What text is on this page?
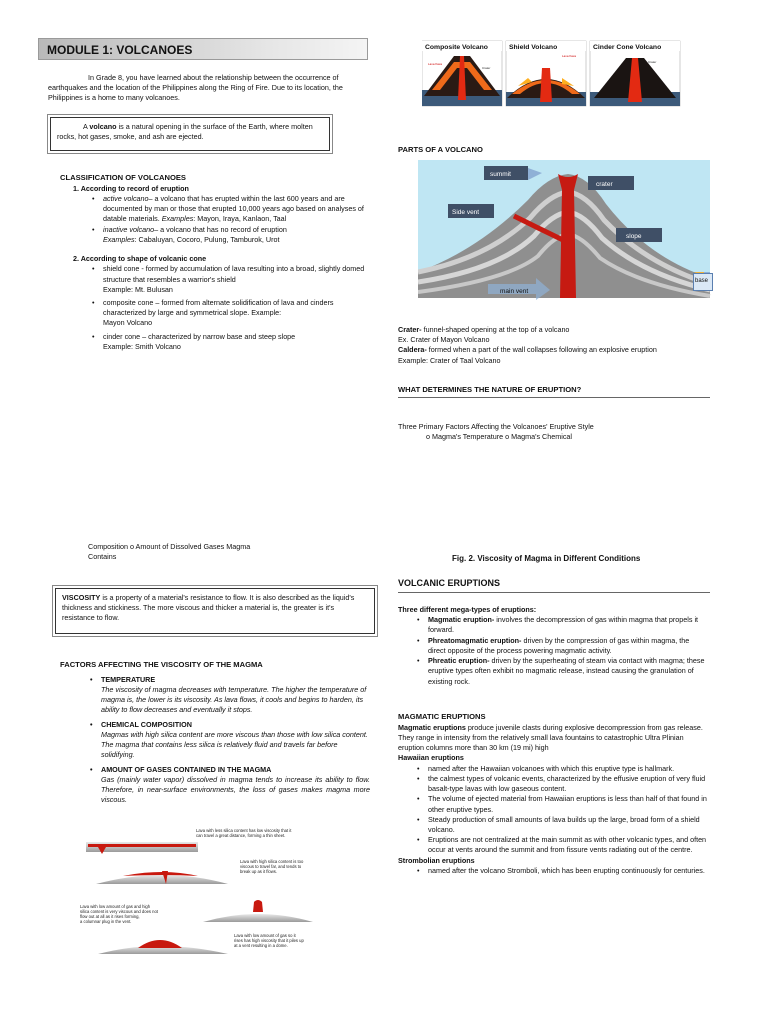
MODULE 1: VOLCANOES

In Grade 8, you have learned about the relationship between the occurrence of earthquakes and the location of the Philippines along the Ring of Fire. Due to its location, the Philippines is a home to many volcanoes.

A volcano is a natural opening in the surface of the Earth, where molten rocks, hot gases, smoke, and ash are ejected.
CLASSIFICATION OF VOLCANOES
1. According to record of eruption
• active volcano– a volcano that has erupted within the last 600 years and are documented by man or those that erupted 10,000 years ago based on analyses of datable materials. Examples: Mayon, Iraya, Kanlaon, Taal
• inactive volcano– a volcano that has no record of eruption
Examples: Cabaluyan, Cocoro, Pulung, Tamburok, Urot
2. According to shape of volcanic cone
• shield cone - formed by accumulation of lava resulting into a broad, slightly domed structure that resembles a warrior's shield
Example: Mt. Bulusan
• composite cone – formed from alternate solidification of lava and cinders characterized by large and symmetrical slope. Example:
Mayon Volcano
• cinder cone – characterized by narrow base and steep slope
Example: Smith Volcano
Composition o Amount of Dissolved Gases Magma
Contains
VISCOSITY is a property of a material's resistance to flow. It is also described as the liquid's thickness and stickiness. The more viscous and thicker a material is, the greater is it's resistance to flow.
FACTORS AFFECTING THE VISCOSITY OF THE MAGMA
• TEMPERATURE
The viscosity of magma decreases with temperature. The higher the temperature of magma is, the lower is its viscosity. As lava flows, it cools and begins to harden, its ability to flow decreases and eventually it stops.
• CHEMICAL COMPOSITION
Magmas with high silica content are more viscous than those with low silica content. The magma that contains less silica is relatively fluid and travels far before solidifying.
• AMOUNT OF GASES CONTAINED IN THE MAGMA
Gas (mainly water vapor) dissolved in magma tends to increase its ability to flow. Therefore, in near-surface environments, the loss of gases makes magma more viscous.
Lava with less silica content has low viscosity that it can travel a great distance, forming a thin sheet.
Lava with high silica content is too viscous to travel far, and tends to break up as it flows.
Lava with low amount of gas and high silica content is very viscous and does not flow out at all as it rises forming, a columnar plug in the vent.
Lava with low amount of gas so it rises has high viscosity that it piles up at a vent resulting in a dome.
Composite Volcano
Lava flows
Crater
Shield Volcano
Lava flows
Cinder Cone Volcano
Crater
PARTS OF A VOLCANO
Side vent
summit
crater
slope
main vent
base
Crater- funnel-shaped opening at the top of a volcano
Ex. Crater of Mayon Volcano
Caldera- formed when a part of the wall collapses following an explosive eruption
Example: Crater of Taal Volcano
WHAT DETERMINES THE NATURE OF ERUPTION?
Three Primary Factors Affecting the Volcanoes' Eruptive Style
o Magma's Temperature o Magma's Chemical
Fig. 2. Viscosity of Magma in Different Conditions
VOLCANIC ERUPTIONS
Three different mega-types of eruptions:
• Magmatic eruption- involves the decompression of gas within magma that propels it forward.
• Phreatomagmatic eruption- driven by the compression of gas within magma, the direct opposite of the process powering magmatic activity.
• Phreatic eruption- driven by the superheating of steam via contact with magma; these eruptive types often exhibit no magmatic release, instead causing the granulation of existing rock.
MAGMATIC ERUPTIONS
Magmatic eruptions produce juvenile clasts during explosive decompression from gas release. They range in intensity from the relatively small lava fountains to catastrophic Ultra Plinian eruption columns more than 30 km (19 mi) high
Hawaiian eruptions
• named after the Hawaiian volcanoes with which this eruptive type is hallmark.
• the calmest types of volcanic events, characterized by the effusive eruption of very fluid basalt-type lavas with low gaseous content.
• The volume of ejected material from Hawaiian eruptions is less than half of that found in other eruptive types.
• Steady production of small amounts of lava builds up the large, broad form of a shield volcano.
• Eruptions are not centralized at the main summit as with other volcanic types, and often occur at vents around the summit and from fissure vents radiating out of the centre.
Strombolian eruptions
• named after the volcano Stromboli, which has been erupting continuously for centuries.
